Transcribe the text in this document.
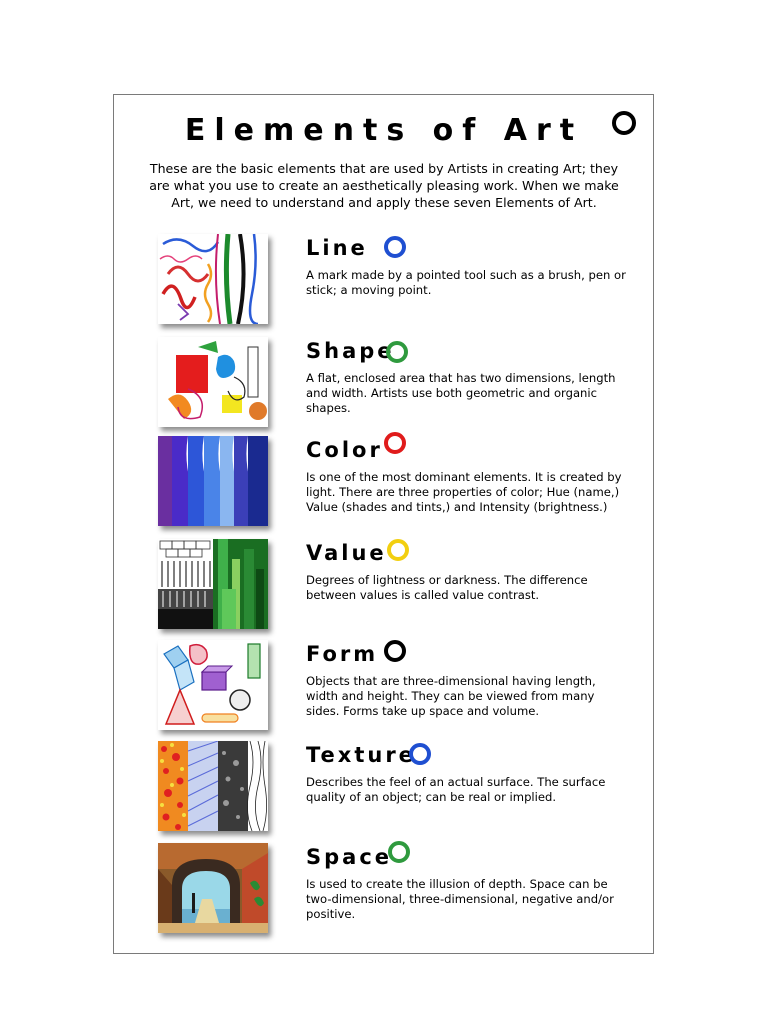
Elements of Art

These are the basic elements that are used by Artists in creating Art; they are what you use to create an aesthetically pleasing work. When we make Art, we need to understand and apply these seven Elements of Art.

Line

A mark made by a pointed tool such as a brush, pen or stick; a moving point.

Shape

A flat, enclosed area that has two dimensions, length and width. Artists use both geometric and organic shapes.

Color

Is one of the most dominant elements. It is created by light. There are three properties of color; Hue (name,) Value (shades and tints,) and Intensity (brightness.)

Value

Degrees of lightness or darkness. The difference between values is called value contrast.

Form

Objects that are three-dimensional having length, width and height. They can be viewed from many sides. Forms take up space and volume.

Texture

Describes the feel of an actual surface. The surface quality of an object; can be real or implied.

Space

Is used to create the illusion of depth. Space can be two-dimensional, three-dimensional, negative and/or positive.
